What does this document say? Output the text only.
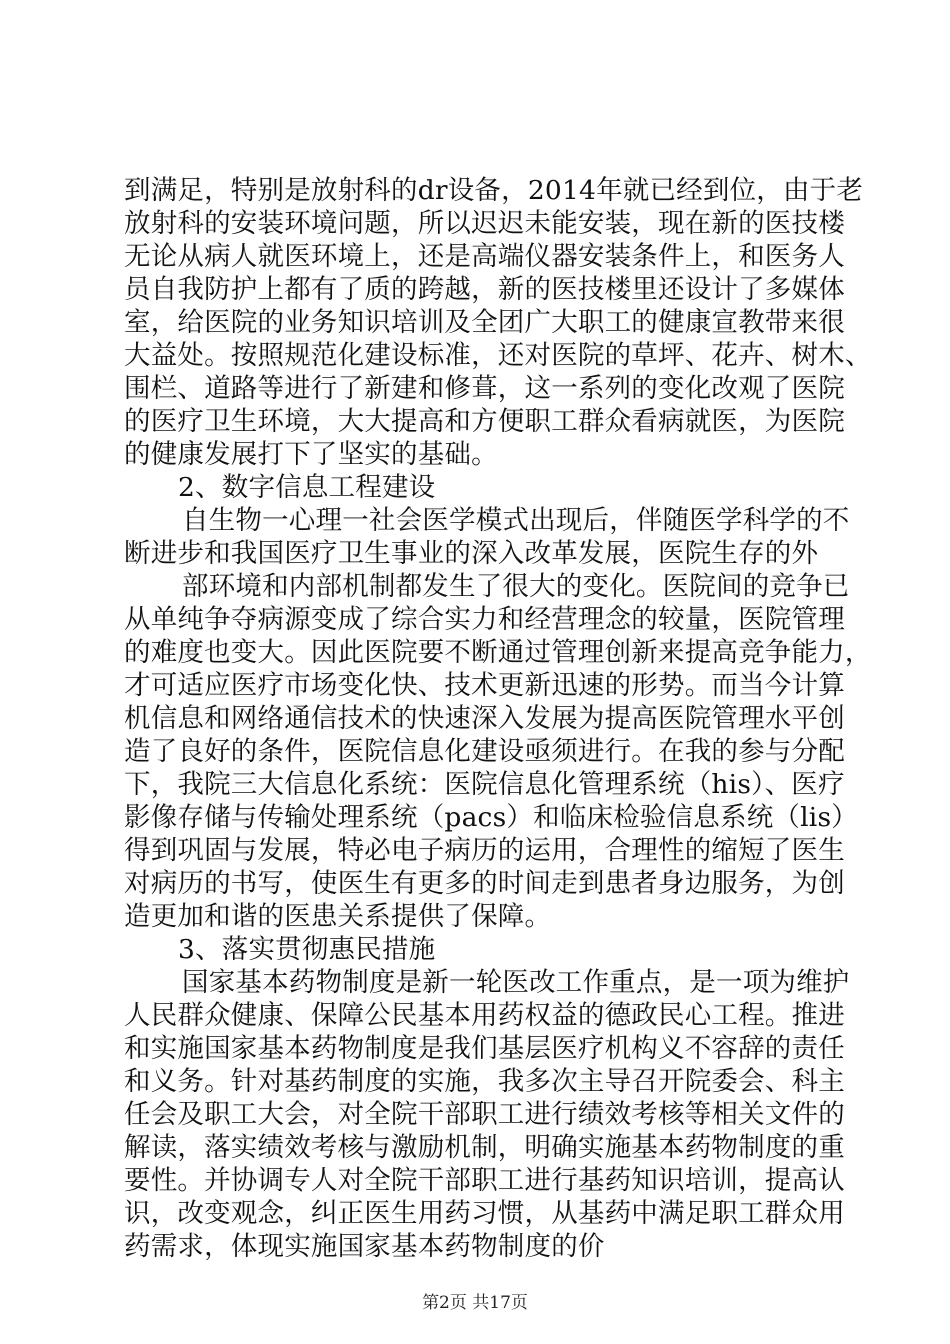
到满足，特别是放射科的dr设备，2014年就已经到位，由于老
放射科的安装环境问题，所以迟迟未能安装，现在新的医技楼
无论从病人就医环境上，还是高端仪器安装条件上，和医务人
员自我防护上都有了质的跨越，新的医技楼里还设计了多媒体
室，给医院的业务知识培训及全团广大职工的健康宣教带来很
大益处。按照规范化建设标准，还对医院的草坪、花卉、树木、
围栏、道路等进行了新建和修葺，这一系列的变化改观了医院
的医疗卫生环境，大大提高和方便职工群众看病就医，为医院
的健康发展打下了坚实的基础。
2、数字信息工程建设
自生物一心理一社会医学模式出现后，伴随医学科学的不
断进步和我国医疗卫生事业的深入改革发展，医院生存的外
部环境和内部机制都发生了很大的变化。医院间的竞争已
从单纯争夺病源变成了综合实力和经营理念的较量，医院管理
的难度也变大。因此医院要不断通过管理创新来提高竞争能力，
才可适应医疗市场变化快、技术更新迅速的形势。而当今计算
机信息和网络通信技术的快速深入发展为提高医院管理水平创
造了良好的条件，医院信息化建设亟须进行。在我的参与分配
下，我院三大信息化系统：医院信息化管理系统（his）、医疗
影像存储与传输处理系统（pacs）和临床检验信息系统（lis）
得到巩固与发展，特必电子病历的运用，合理性的缩短了医生
对病历的书写，使医生有更多的时间走到患者身边服务，为创
造更加和谐的医患关系提供了保障。
3、落实贯彻惠民措施
国家基本药物制度是新一轮医改工作重点，是一项为维护
人民群众健康、保障公民基本用药权益的德政民心工程。推进
和实施国家基本药物制度是我们基层医疗机构义不容辞的责任
和义务。针对基药制度的实施，我多次主导召开院委会、科主
任会及职工大会，对全院干部职工进行绩效考核等相关文件的
解读，落实绩效考核与激励机制，明确实施基本药物制度的重
要性。并协调专人对全院干部职工进行基药知识培训，提高认
识，改变观念，纠正医生用药习惯，从基药中满足职工群众用
药需求，体现实施国家基本药物制度的价
第2页 共17页
